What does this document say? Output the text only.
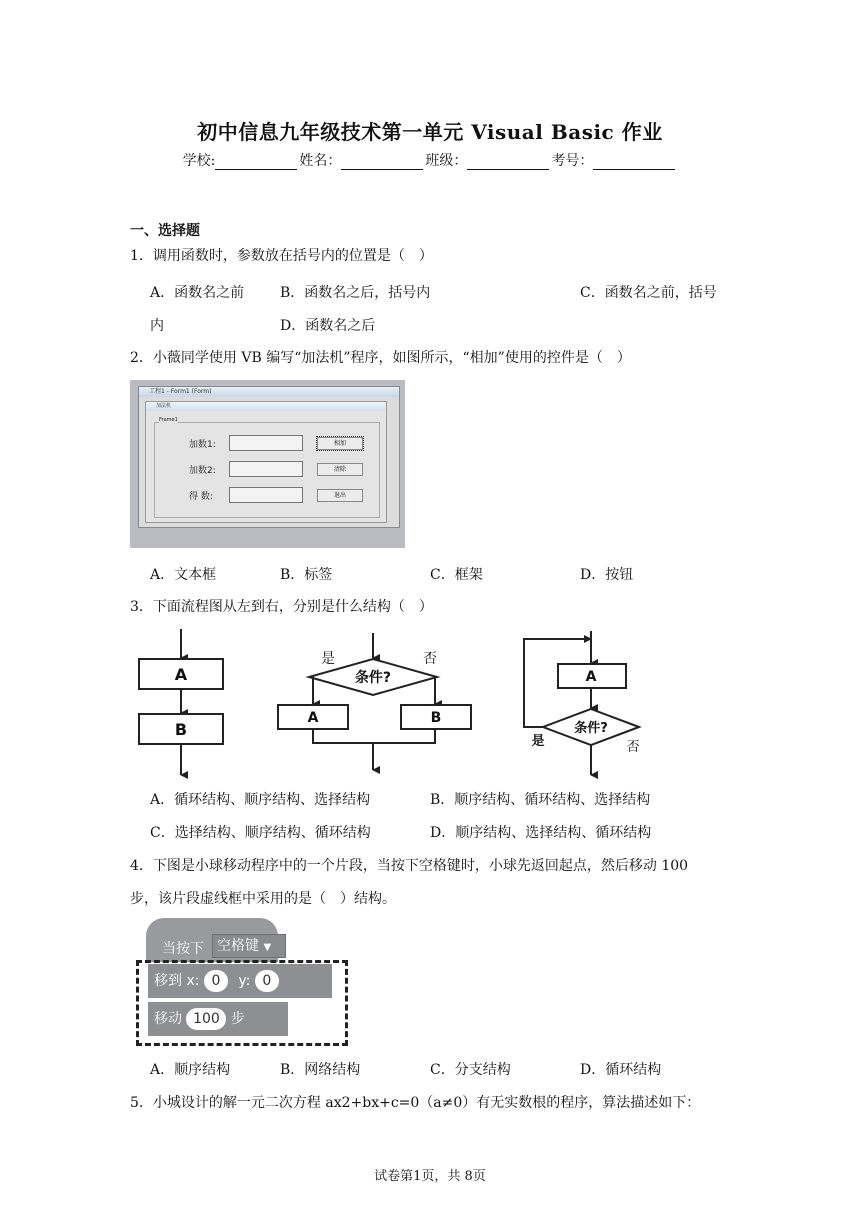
初中信息九年级技术第一单元 Visual Basic 作业
学校:	姓名：	班级：	考号：
一、选择题
1．调用函数时，参数放在括号内的位置是（　）
A．函数名之前	B．函数名之后，括号内	C．函数名之前，括号
内	D．函数名之后
2．小薇同学使用 VB 编写“加法机”程序，如图所示，“相加”使用的控件是（　）
工程1 - Form1 (Form)
加法机
Frame1
加数1:
加数2:
得 数:
相加
清除
退出
A．文本框	B．标签	C．框架	D．按钮
3．下面流程图从左到右，分别是什么结构（　）
A
B
是	否
条件?
A	B
A
条件?
是	否
A．循环结构、顺序结构、选择结构	B．顺序结构、循环结构、选择结构
C．选择结构、顺序结构、循环结构	D．顺序结构、选择结构、循环结构
4．下图是小球移动程序中的一个片段，当按下空格键时，小球先返回起点，然后移动 100
步，该片段虚线框中采用的是（　）结构。
当按下 空格键 ▼
移到 x: 0 y: 0
移动 100 步
A．顺序结构	B．网络结构	C．分支结构	D．循环结构
5．小城设计的解一元二次方程 ax2+bx+c=0（a≠0）有无实数根的程序，算法描述如下：
试卷第1页，共 8页
